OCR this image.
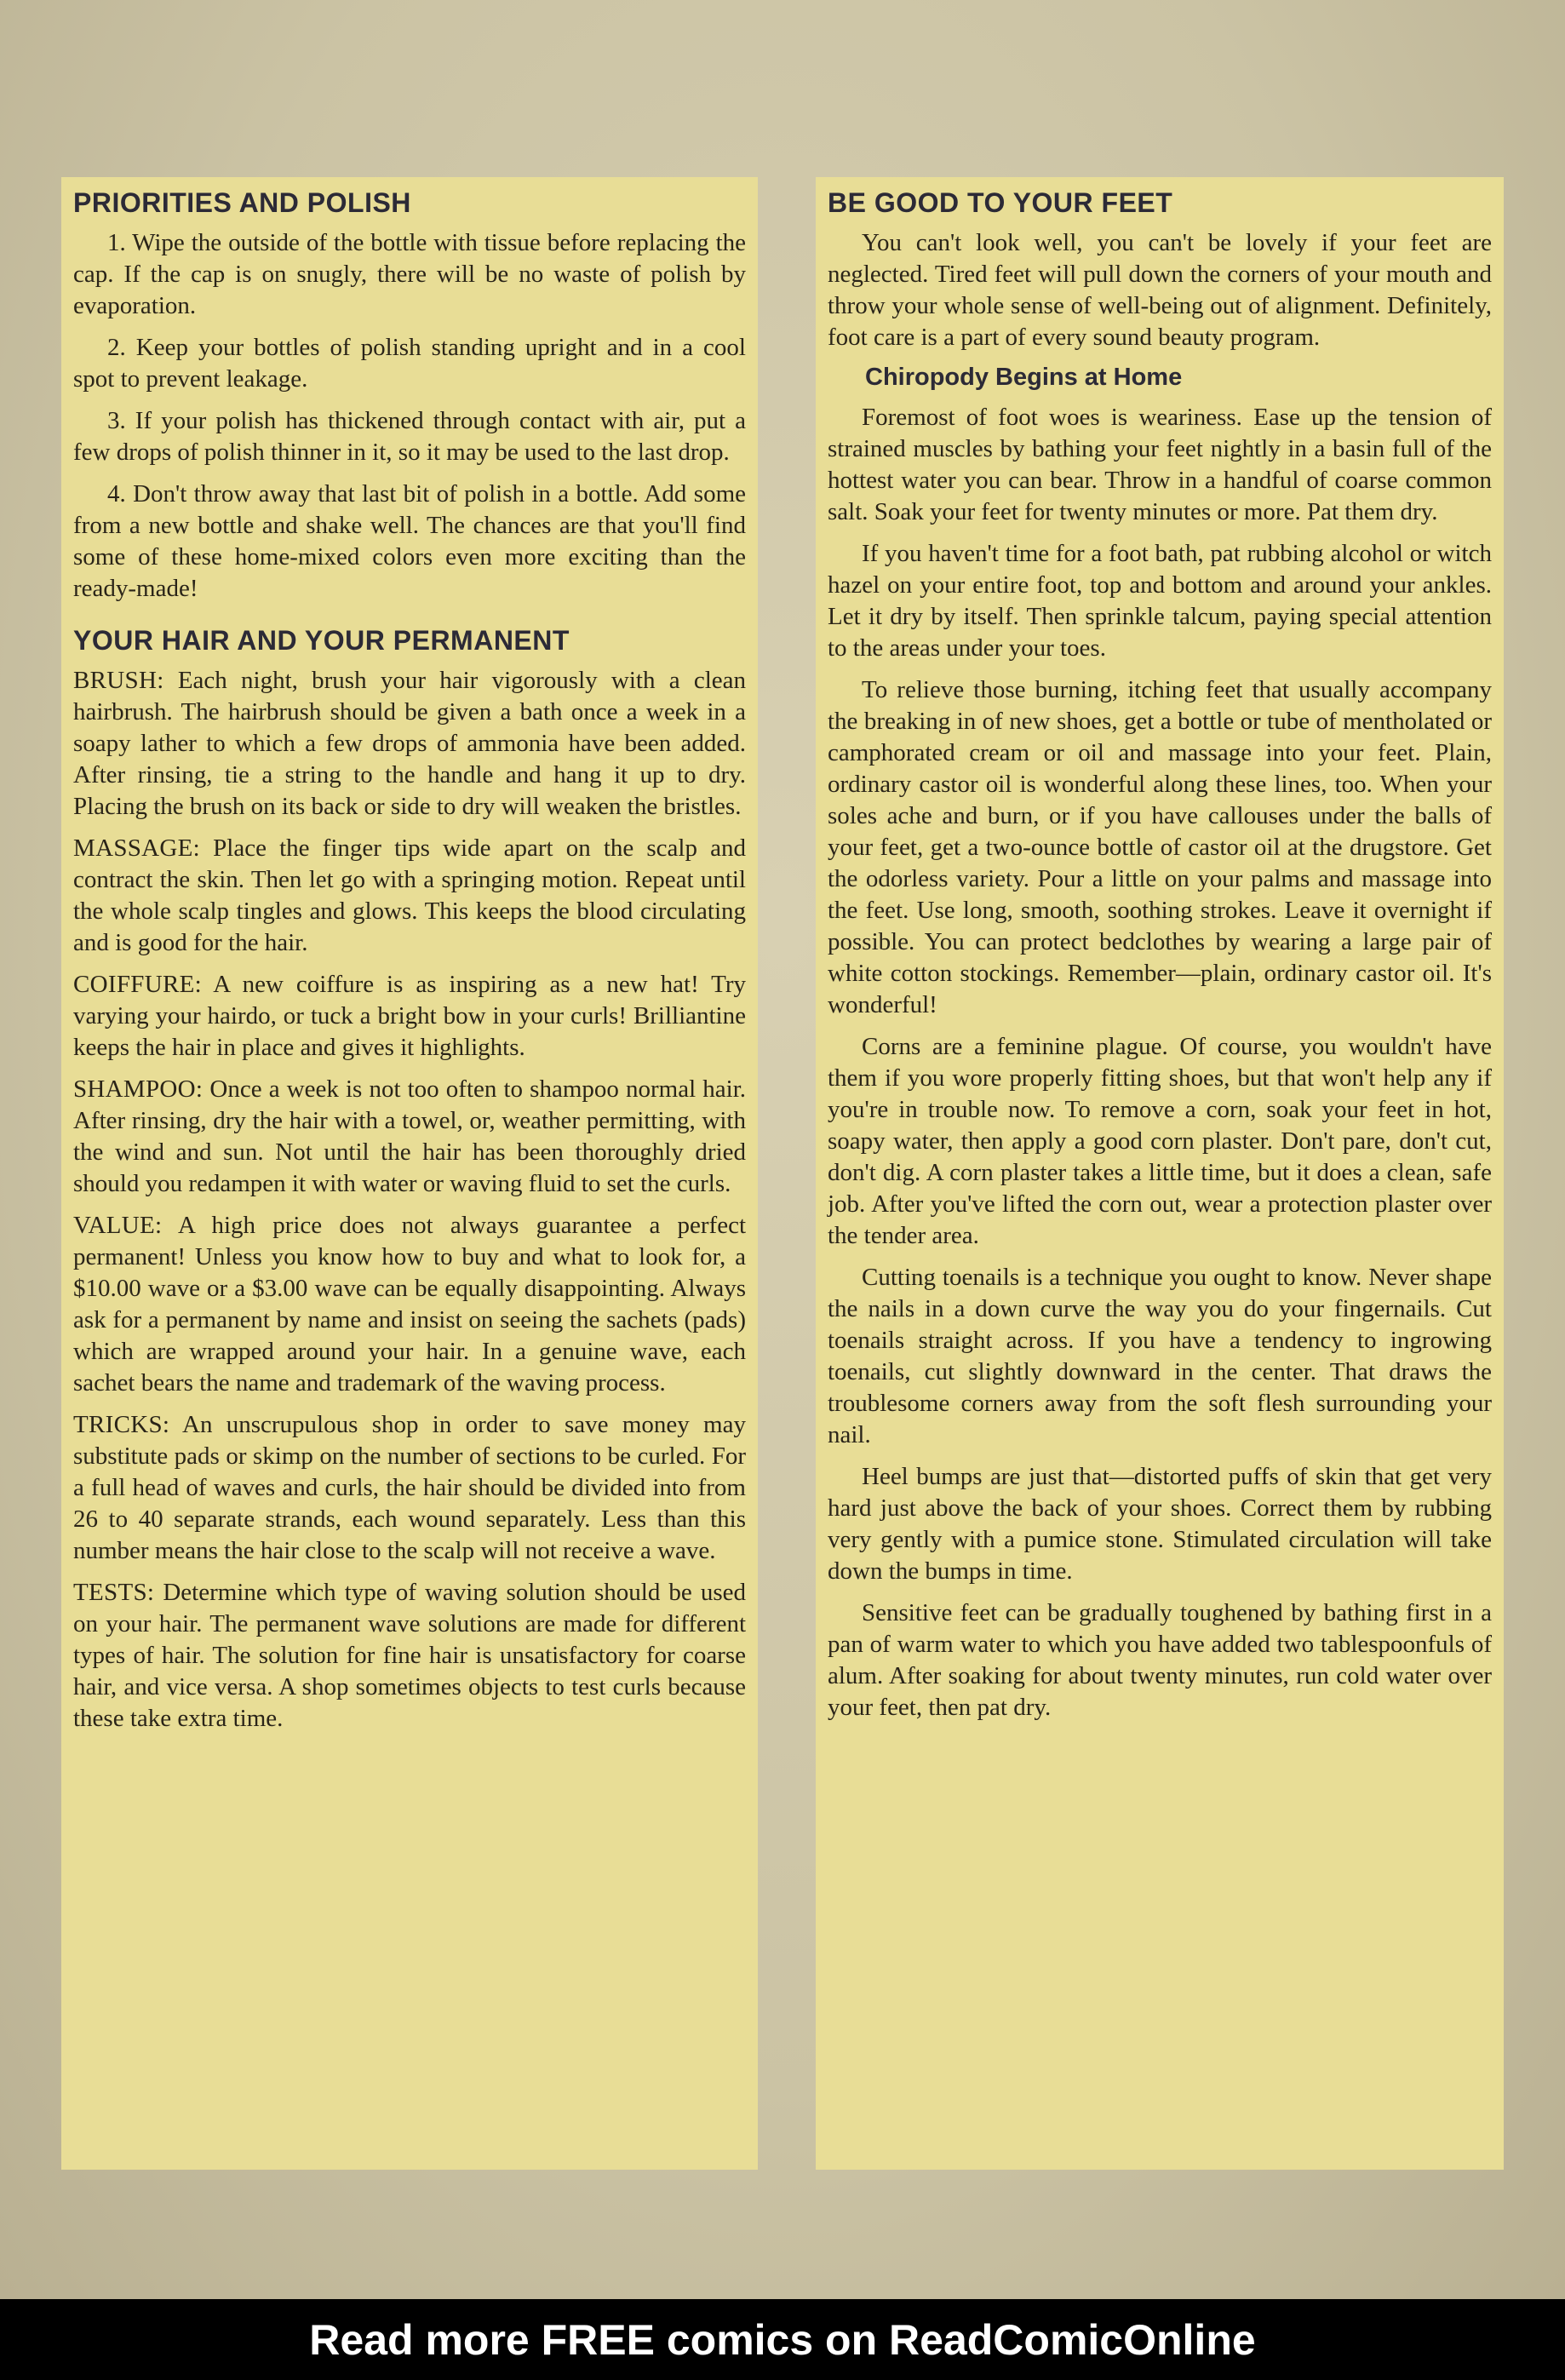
PRIORITIES AND POLISH

1. Wipe the outside of the bottle with tissue before replacing the cap. If the cap is on snugly, there will be no waste of polish by evaporation.

2. Keep your bottles of polish standing upright and in a cool spot to prevent leakage.

3. If your polish has thickened through contact with air, put a few drops of polish thinner in it, so it may be used to the last drop.

4. Don't throw away that last bit of polish in a bottle. Add some from a new bottle and shake well. The chances are that you'll find some of these home-mixed colors even more exciting than the ready-made!

YOUR HAIR AND YOUR PERMANENT

BRUSH: Each night, brush your hair vigorously with a clean hairbrush. The hairbrush should be given a bath once a week in a soapy lather to which a few drops of ammonia have been added. After rinsing, tie a string to the handle and hang it up to dry. Placing the brush on its back or side to dry will weaken the bristles.

MASSAGE: Place the finger tips wide apart on the scalp and contract the skin. Then let go with a springing motion. Repeat until the whole scalp tingles and glows. This keeps the blood circulating and is good for the hair.

COIFFURE: A new coiffure is as inspiring as a new hat! Try varying your hairdo, or tuck a bright bow in your curls! Brilliantine keeps the hair in place and gives it highlights.

SHAMPOO: Once a week is not too often to shampoo normal hair. After rinsing, dry the hair with a towel, or, weather permitting, with the wind and sun. Not until the hair has been thoroughly dried should you redampen it with water or waving fluid to set the curls.

VALUE: A high price does not always guarantee a perfect permanent! Unless you know how to buy and what to look for, a $10.00 wave or a $3.00 wave can be equally disappointing. Always ask for a permanent by name and insist on seeing the sachets (pads) which are wrapped around your hair. In a genuine wave, each sachet bears the name and trademark of the waving process.

TRICKS: An unscrupulous shop in order to save money may substitute pads or skimp on the number of sections to be curled. For a full head of waves and curls, the hair should be divided into from 26 to 40 separate strands, each wound separately. Less than this number means the hair close to the scalp will not receive a wave.

TESTS: Determine which type of waving solution should be used on your hair. The permanent wave solutions are made for different types of hair. The solution for fine hair is unsatisfactory for coarse hair, and vice versa. A shop sometimes objects to test curls because these take extra time.

BE GOOD TO YOUR FEET

You can't look well, you can't be lovely if your feet are neglected. Tired feet will pull down the corners of your mouth and throw your whole sense of well-being out of alignment. Definitely, foot care is a part of every sound beauty program.

Chiropody Begins at Home

Foremost of foot woes is weariness. Ease up the tension of strained muscles by bathing your feet nightly in a basin full of the hottest water you can bear. Throw in a handful of coarse common salt. Soak your feet for twenty minutes or more. Pat them dry.

If you haven't time for a foot bath, pat rubbing alcohol or witch hazel on your entire foot, top and bottom and around your ankles. Let it dry by itself. Then sprinkle talcum, paying special attention to the areas under your toes.

To relieve those burning, itching feet that usually accompany the breaking in of new shoes, get a bottle or tube of mentholated or camphorated cream or oil and massage into your feet. Plain, ordinary castor oil is wonderful along these lines, too. When your soles ache and burn, or if you have callouses under the balls of your feet, get a two-ounce bottle of castor oil at the drugstore. Get the odorless variety. Pour a little on your palms and massage into the feet. Use long, smooth, soothing strokes. Leave it overnight if possible. You can protect bedclothes by wearing a large pair of white cotton stockings. Remember—plain, ordinary castor oil. It's wonderful!

Corns are a feminine plague. Of course, you wouldn't have them if you wore properly fitting shoes, but that won't help any if you're in trouble now. To remove a corn, soak your feet in hot, soapy water, then apply a good corn plaster. Don't pare, don't cut, don't dig. A corn plaster takes a little time, but it does a clean, safe job. After you've lifted the corn out, wear a protection plaster over the tender area.

Cutting toenails is a technique you ought to know. Never shape the nails in a down curve the way you do your fingernails. Cut toenails straight across. If you have a tendency to ingrowing toenails, cut slightly downward in the center. That draws the troublesome corners away from the soft flesh surrounding your nail.

Heel bumps are just that—distorted puffs of skin that get very hard just above the back of your shoes. Correct them by rubbing very gently with a pumice stone. Stimulated circulation will take down the bumps in time.

Sensitive feet can be gradually toughened by bathing first in a pan of warm water to which you have added two tablespoonfuls of alum. After soaking for about twenty minutes, run cold water over your feet, then pat dry.

Read more FREE comics on ReadComicOnline
